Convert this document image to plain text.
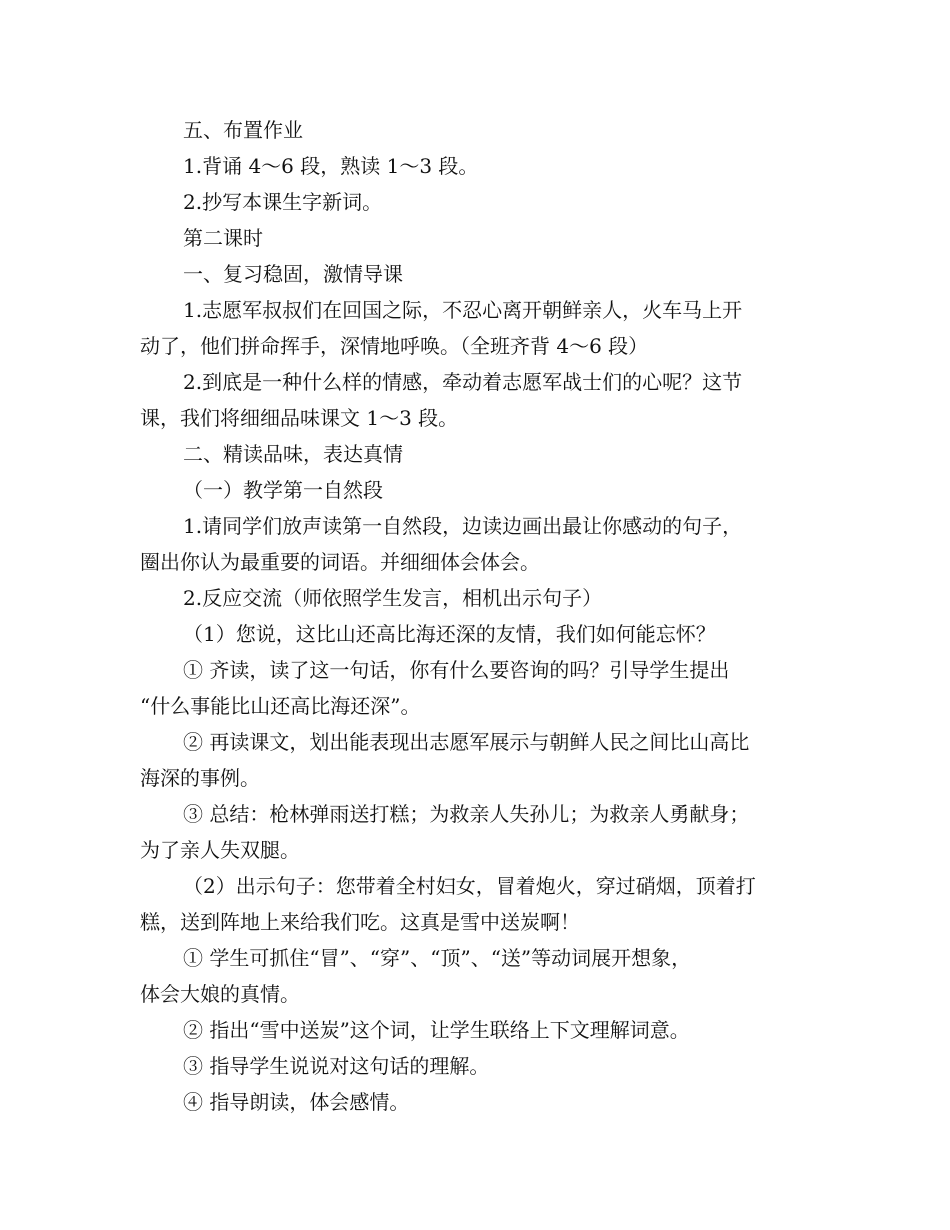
五、布置作业

1.背诵 4～6 段，熟读 1～3 段。

2.抄写本课生字新词。

第二课时

一、复习稳固，激情导课

1.志愿军叔叔们在回国之际，不忍心离开朝鲜亲人，火车马上开
动了，他们拼命挥手，深情地呼唤。（全班齐背 4～6 段）

2.到底是一种什么样的情感，牵动着志愿军战士们的心呢？这节
课，我们将细细品味课文 1～3 段。

二、精读品味，表达真情

（一）教学第一自然段

1.请同学们放声读第一自然段，边读边画出最让你感动的句子，
圈出你认为最重要的词语。并细细体会体会。

2.反应交流（师依照学生发言，相机出示句子）

（1）您说，这比山还高比海还深的友情，我们如何能忘怀？

① 齐读，读了这一句话，你有什么要咨询的吗？引导学生提出
“什么事能比山还高比海还深”。

② 再读课文，划出能表现出志愿军展示与朝鲜人民之间比山高比
海深的事例。

③ 总结：枪林弹雨送打糕；为救亲人失孙儿；为救亲人勇献身；
为了亲人失双腿。

（2）出示句子：您带着全村妇女，冒着炮火，穿过硝烟，顶着打
糕，送到阵地上来给我们吃。这真是雪中送炭啊！

① 学生可抓住“冒”、“穿”、“顶”、“送”等动词展开想象，
体会大娘的真情。

② 指出“雪中送炭”这个词，让学生联络上下文理解词意。

③ 指导学生说说对这句话的理解。

④ 指导朗读，体会感情。
